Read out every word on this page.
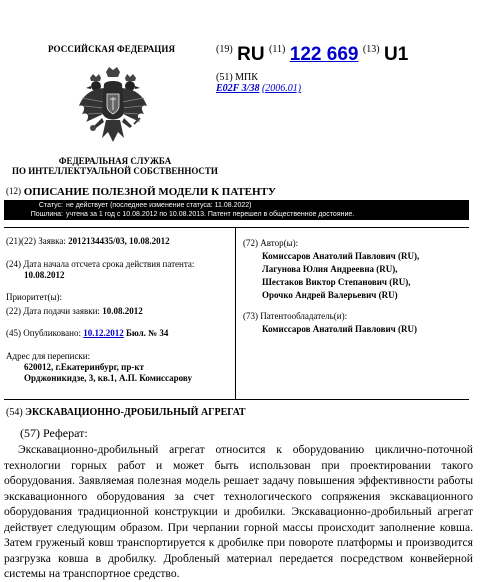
РОССИЙСКАЯ ФЕДЕРАЦИЯ
ФЕДЕРАЛЬНАЯ СЛУЖБА
ПО ИНТЕЛЛЕКТУАЛЬНОЙ СОБСТВЕННОСТИ
$^{(19)}$ RU $^{(11)}$ 122 669 $^{(13)}$ U1
(51) МПК
E02F 3/38 (2006.01)
(12) ОПИСАНИЕ ПОЛЕЗНОЙ МОДЕЛИ К ПАТЕНТУ
Статус: не действует (последнее изменение статуса: 11.08.2022)
Пошлина: учтена за 1 год с 10.08.2012 по 10.08.2013. Патент перешел в общественное достояние.
(21)(22) Заявка: 2012134435/03, 10.08.2012
(24) Дата начала отсчета срока действия патента:
10.08.2012
Приоритет(ы):
(22) Дата подачи заявки: 10.08.2012
(45) Опубликовано: 10.12.2012 Бюл. № 34
Адрес для переписки:
620012, г.Екатеринбург, пр-кт
Орджоникидзе, 3, кв.1, А.П. Комиссарову
(72) Автор(ы):
Комиссаров Анатолий Павлович (RU),
Лагунова Юлия Андреевна (RU),
Шестаков Виктор Степанович (RU),
Орочко Андрей Валерьевич (RU)
(73) Патентообладатель(и):
Комиссаров Анатолий Павлович (RU)
(54) ЭКСКАВАЦИОННО-ДРОБИЛЬНЫЙ АГРЕГАТ
(57) Реферат:
Экскавационно-дробильный агрегат относится к оборудованию циклично-поточной технологии горных работ и может быть использован при проектировании такого оборудования. Заявляемая полезная модель решает задачу повышения эффективности работы экскавационного оборудования за счет технологического сопряжения экскавационного оборудования традиционной конструкции и дробилки. Экскавационно-дробильный агрегат действует следующим образом. При черпании горной массы происходит заполнение ковша. Затем груженый ковш транспортируется к дробилке при повороте платформы и производится разгрузка ковша в дробилку. Дробленый материал передается посредством конвейерной системы на транспортное средство.
